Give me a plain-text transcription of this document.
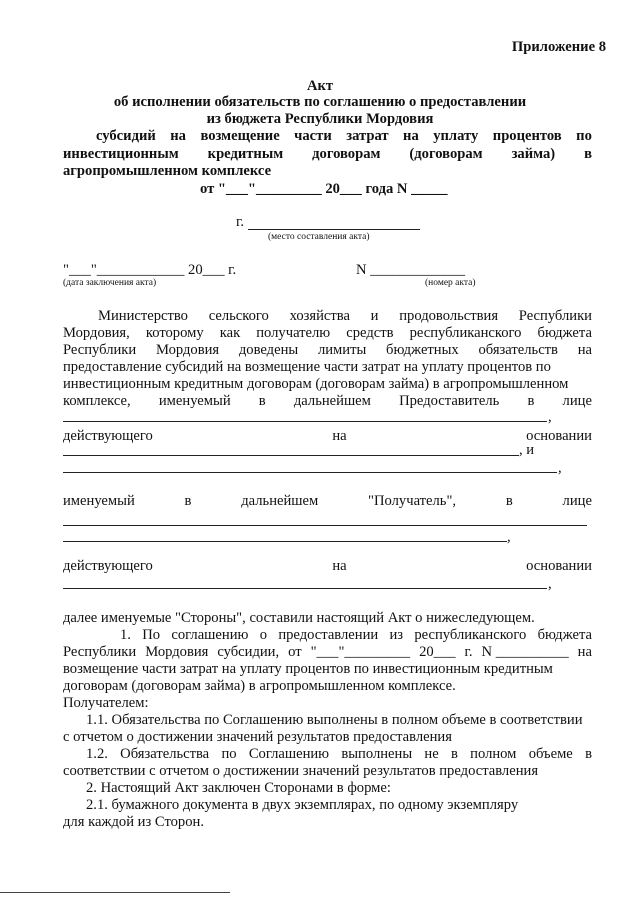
Приложение 8
Акт
об исполнении обязательств по соглашению о предоставлении
из бюджета Республики Мордовия
субсидий на возмещение части затрат на уплату процентов по
инвестиционным кредитным договорам (договорам займа) в
агропромышленном комплексе
от "___"_________ 20___ года N _____
г.
(место составления акта)
"___"____________ 20___ г.
(дата заключения акта)
N _____________
(номер акта)
Министерство сельского хозяйства и продовольствия Республики
Мордовия, которому как получателю средств республиканского бюджета
Республики Мордовия доведены лимиты бюджетных обязательств на
предоставление субсидий на возмещение части затрат на уплату процентов по
инвестиционным кредитным договорам (договорам займа) в агропромышленном
комплексе, именуемый в дальнейшем Предоставитель в лице
,
действующего	на	основании
, и
,
именуемый	в	дальнейшем	"Получатель",	в	лице
,
действующего	на	основании
,
далее именуемые "Стороны", составили настоящий Акт о нижеследующем.
1. По соглашению о предоставлении из республиканского бюджета
Республики Мордовия субсидии, от "___"_________ 20___ г. N __________ на
возмещение части затрат на уплату процентов по инвестиционным кредитным
договорам (договорам займа) в агропромышленном комплексе.
Получателем:
1.1. Обязательства по Соглашению выполнены в полном объеме в соответствии
с отчетом о достижении значений результатов предоставления
1.2. Обязательства по Соглашению выполнены не в полном объеме в
соответствии с отчетом о достижении значений результатов предоставления
2. Настоящий Акт заключен Сторонами в форме:
2.1. бумажного документа в двух экземплярах, по одному экземпляру
для каждой из Сторон.
